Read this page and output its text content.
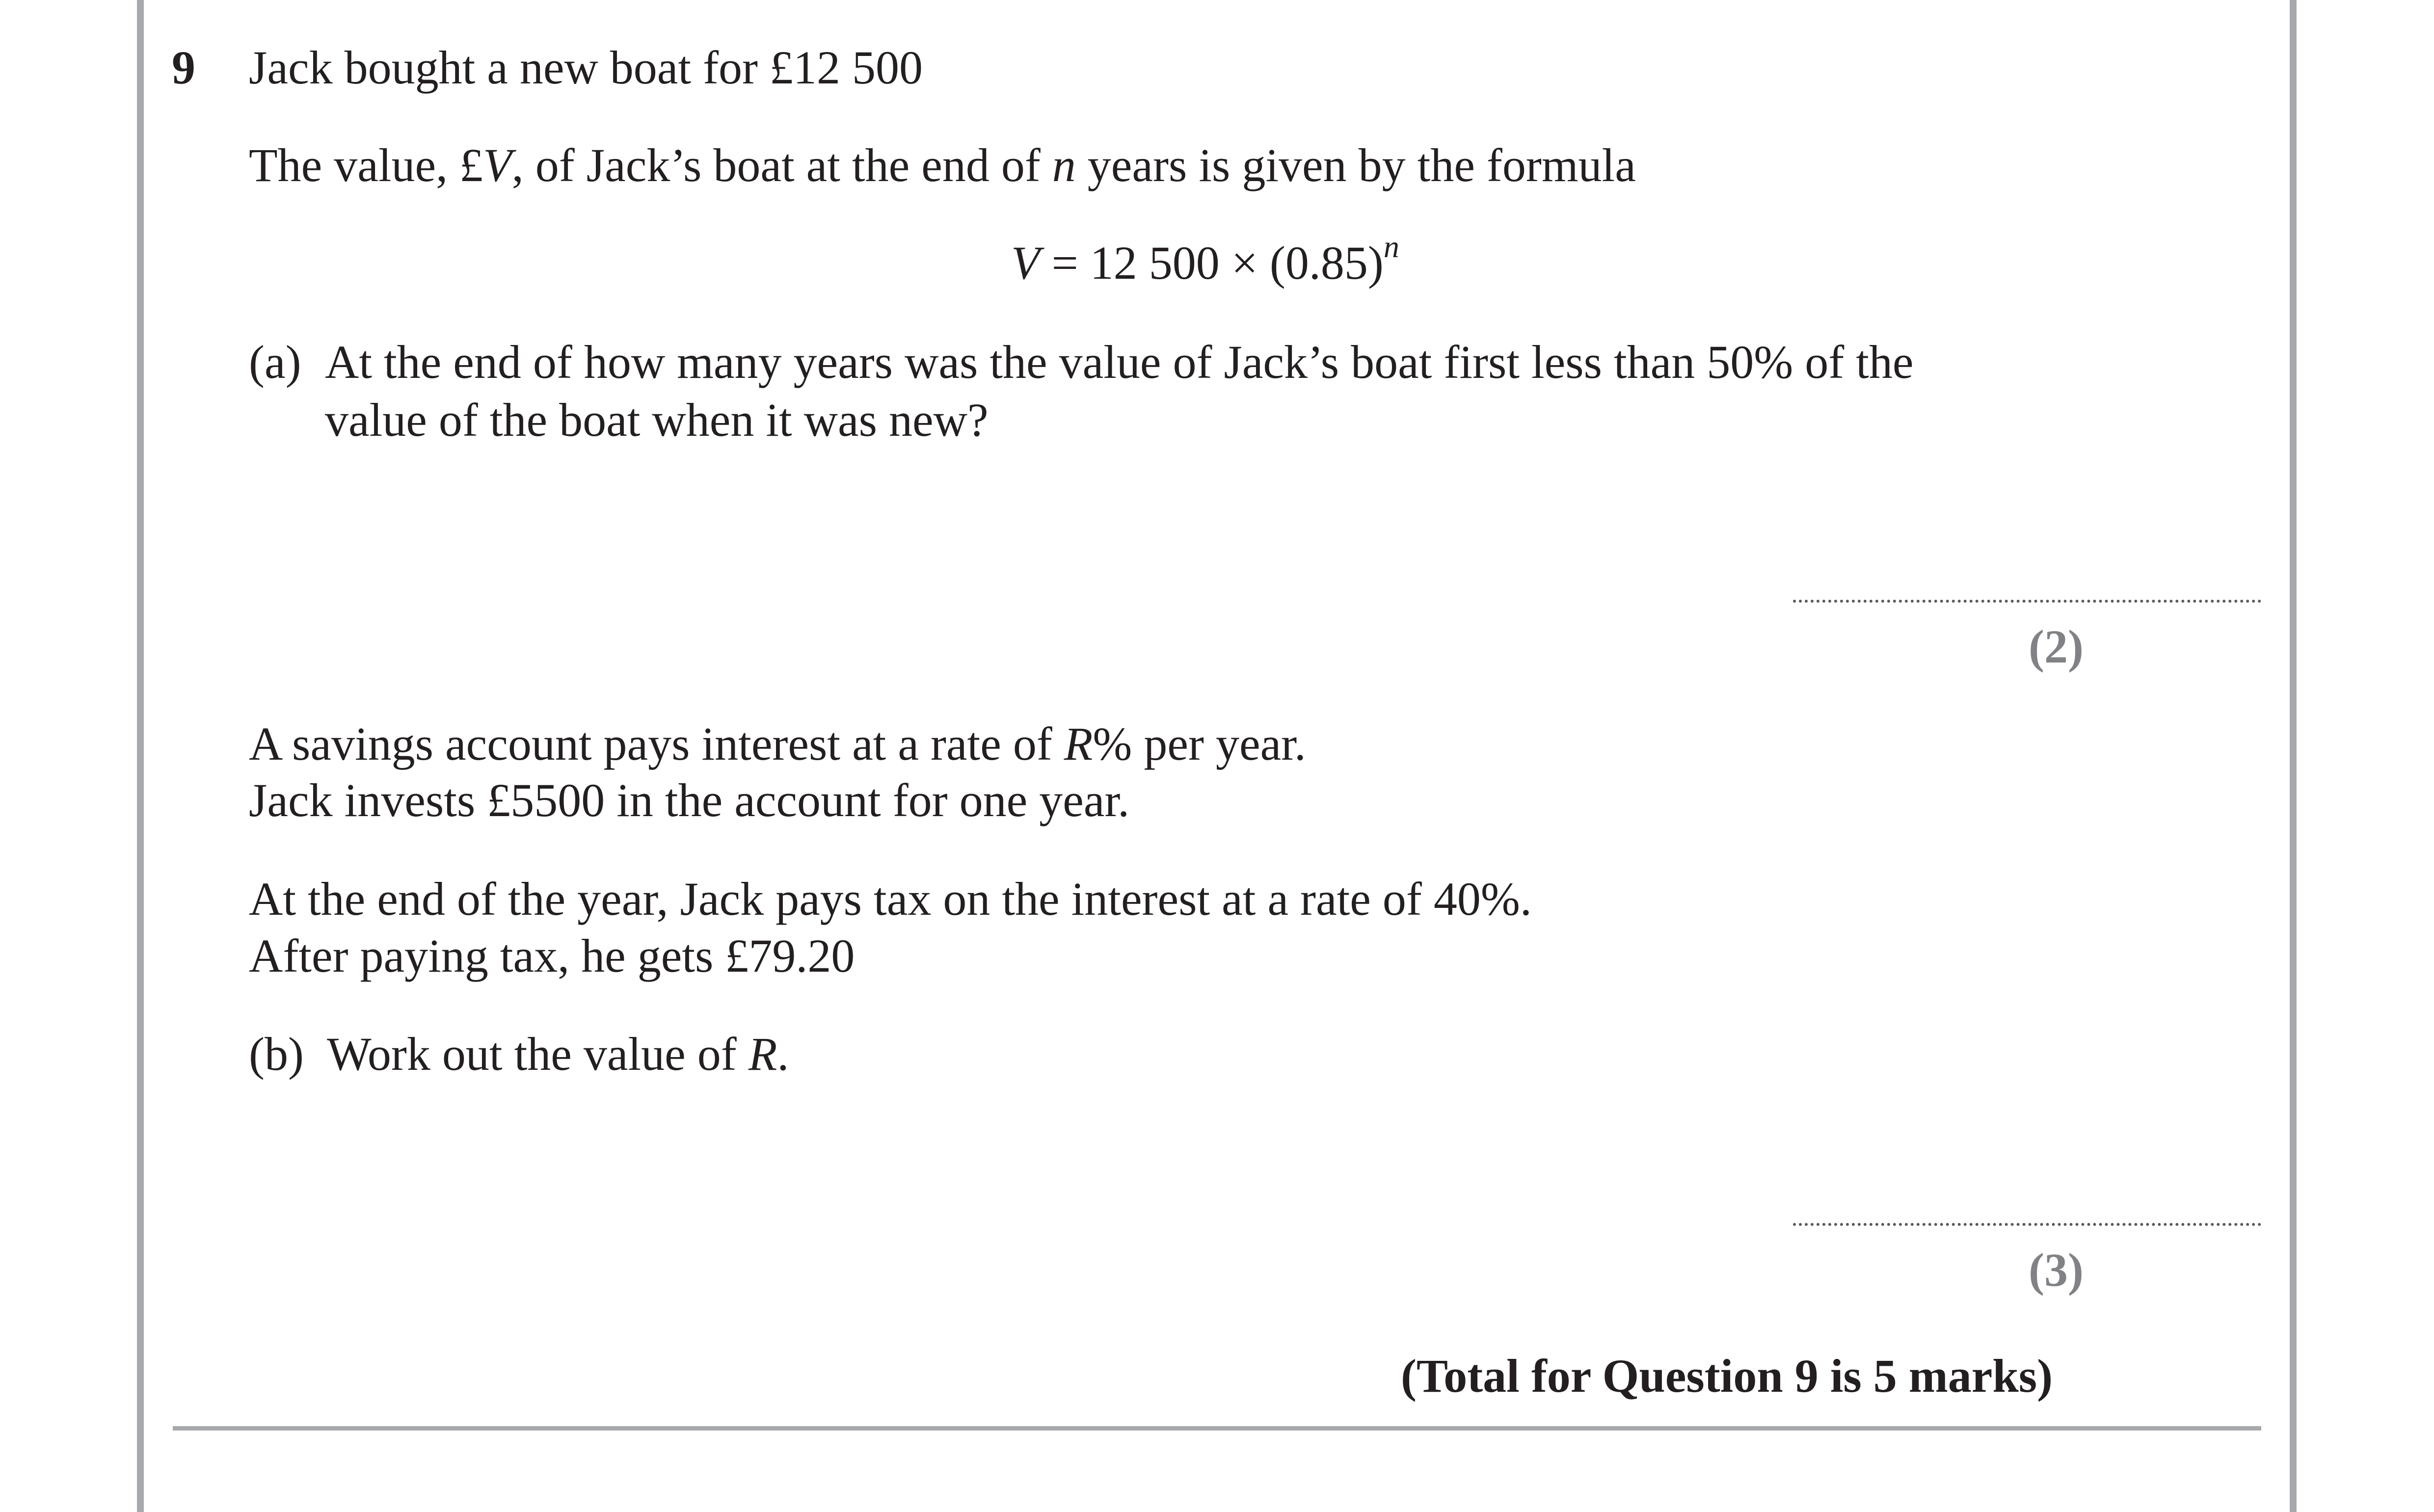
9 Jack bought a new boat for £12 500
The value, £V, of Jack’s boat at the end of n years is given by the formula
V = 12 $500 \times (0.85)^n$
(a) At the end of how many years was the value of Jack’s boat first less than 50% of the
value of the boat when it was new?
(2)
A savings account pays interest at a rate of R% per year.
Jack invests £5500 in the account for one year.
At the end of the year, Jack pays tax on the interest at a rate of 40%.
After paying tax, he gets £79.20
(b) Work out the value of R.
(3)
(Total for Question 9 is 5 marks)
